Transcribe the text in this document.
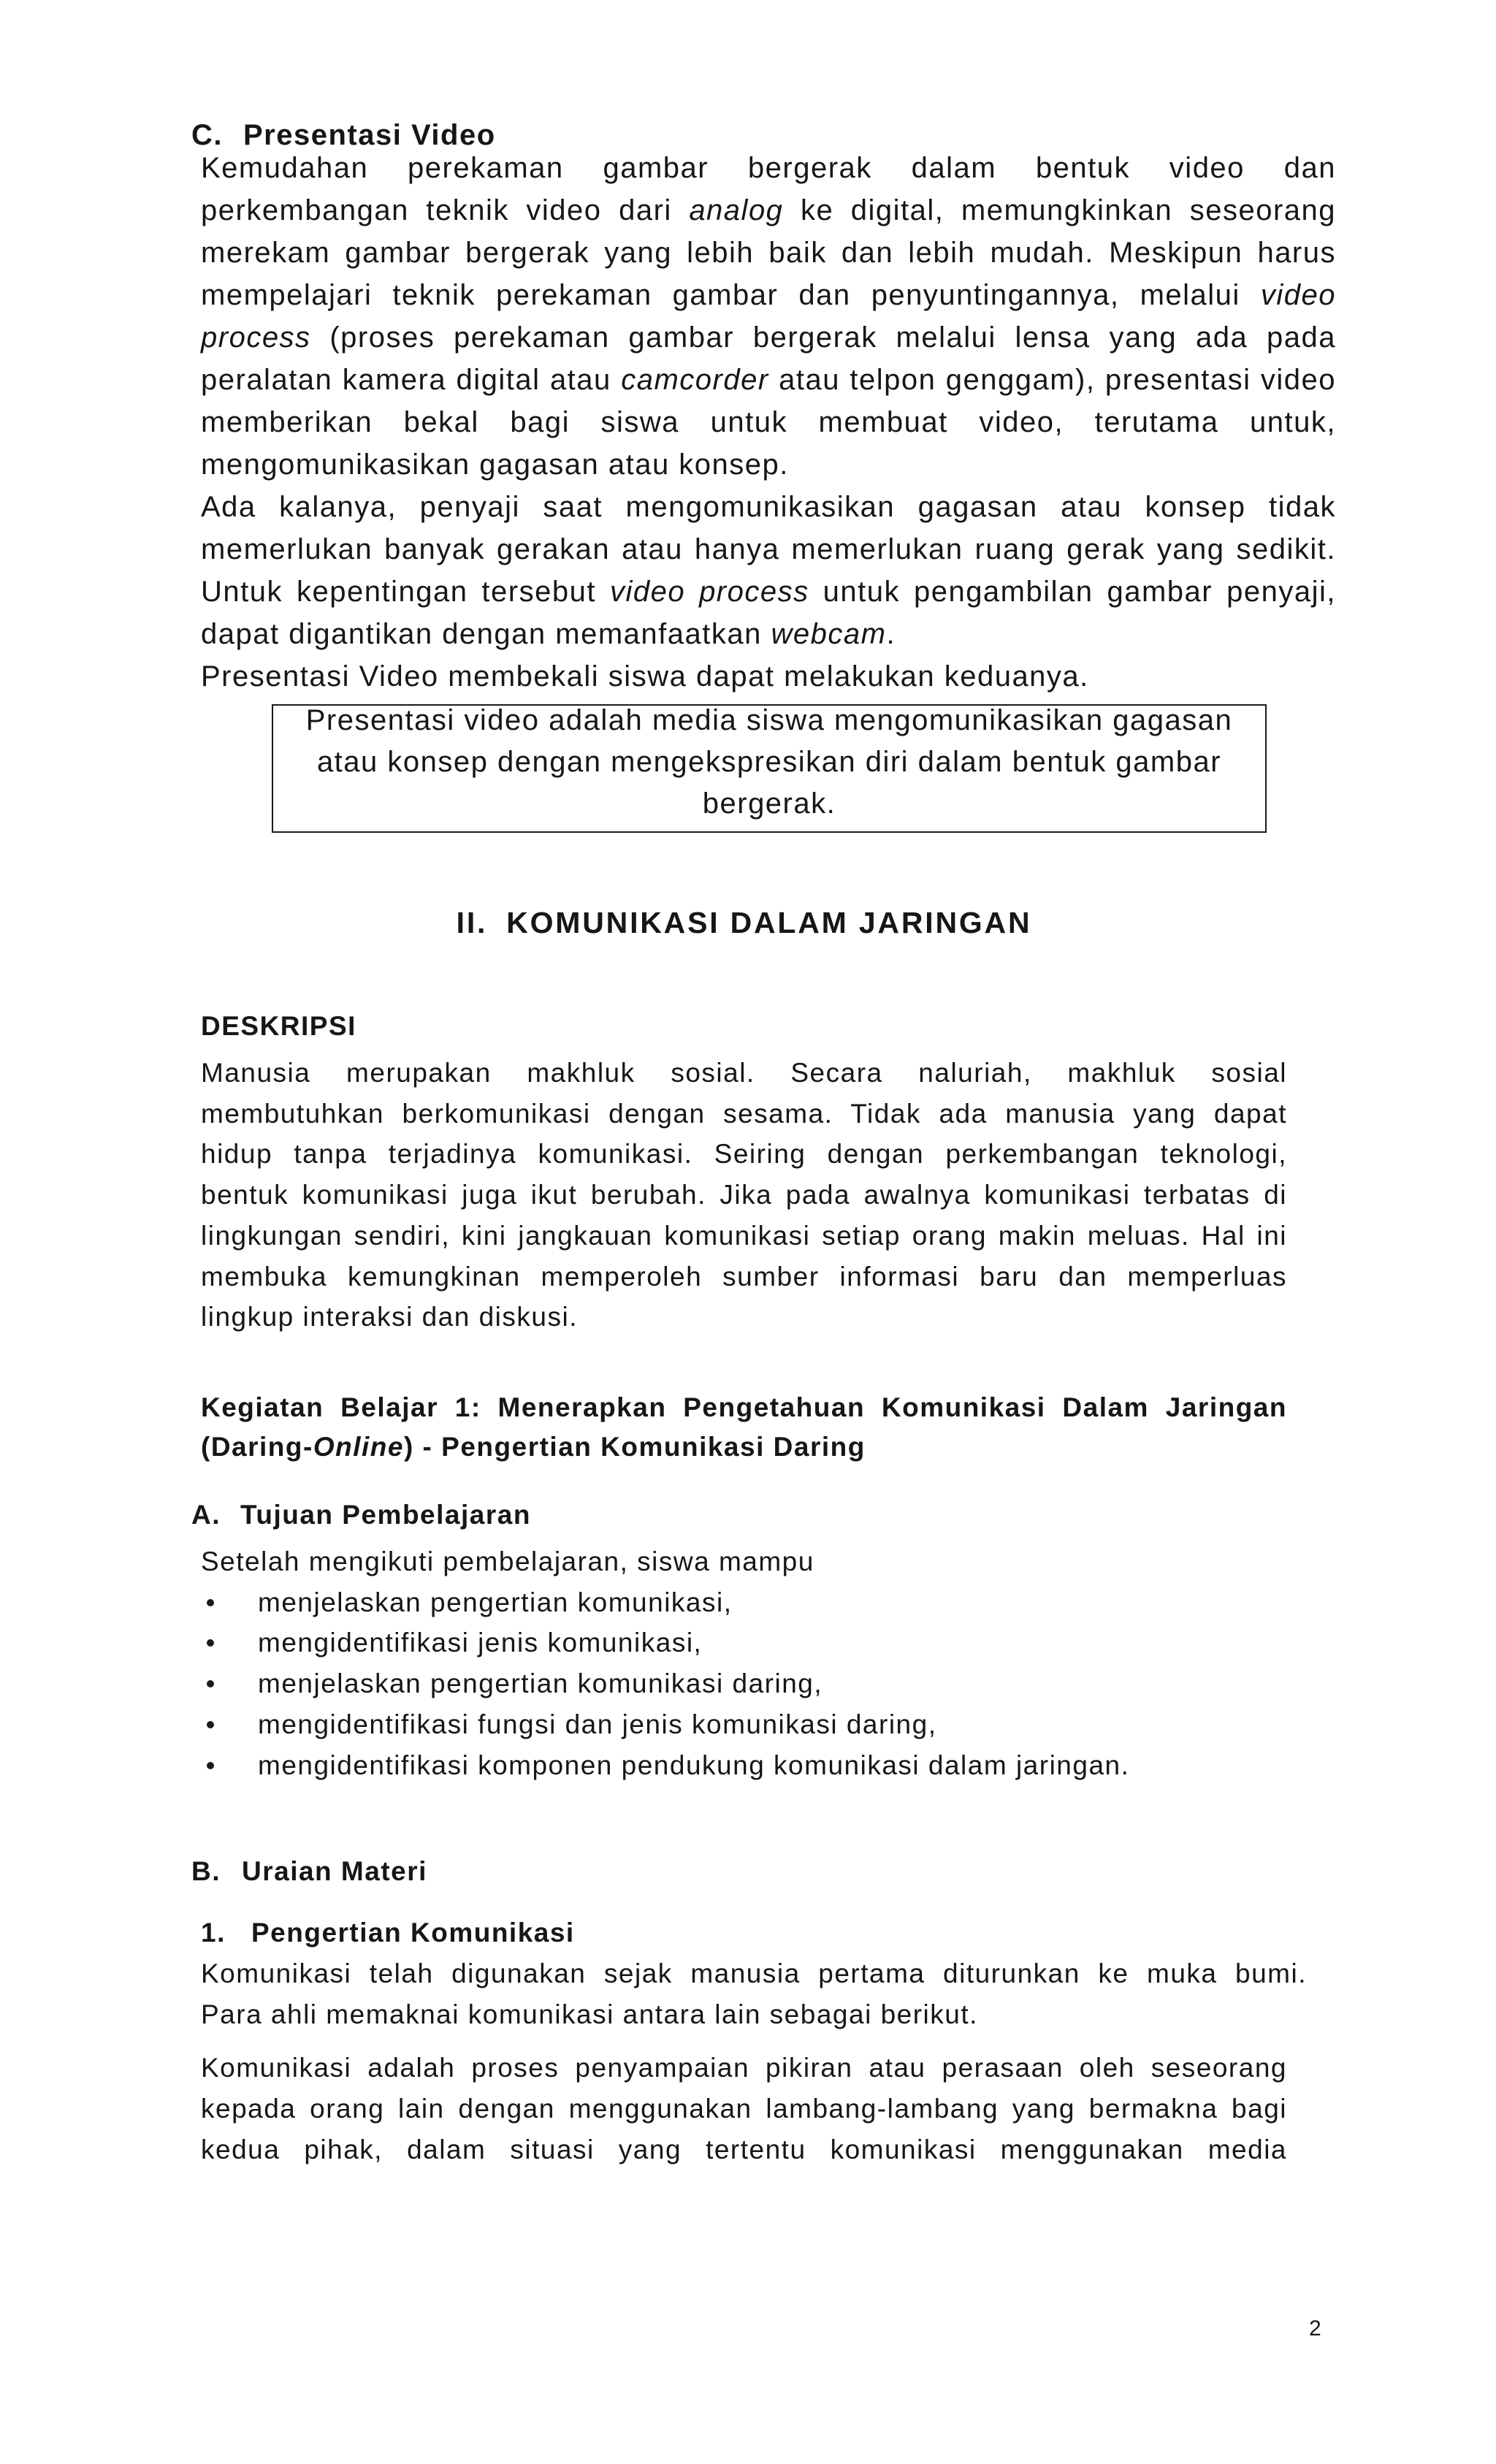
C. Presentasi Video
Kemudahan perekaman gambar bergerak dalam bentuk video dan
perkembangan teknik video dari analog ke digital, memungkinkan seseorang
merekam gambar bergerak yang lebih baik dan lebih mudah. Meskipun harus
mempelajari teknik perekaman gambar dan penyuntingannya, melalui video
process (proses perekaman gambar bergerak melalui lensa yang ada pada
peralatan kamera digital atau camcorder atau telpon genggam), presentasi video
memberikan bekal bagi siswa untuk membuat video, terutama untuk,
mengomunikasikan gagasan atau konsep.
Ada kalanya, penyaji saat mengomunikasikan gagasan atau konsep tidak
memerlukan banyak gerakan atau hanya memerlukan ruang gerak yang sedikit.
Untuk kepentingan tersebut video process untuk pengambilan gambar penyaji,
dapat digantikan dengan memanfaatkan webcam.
Presentasi Video membekali siswa dapat melakukan keduanya.
Presentasi video adalah media siswa mengomunikasikan gagasan
atau konsep dengan mengekspresikan diri dalam bentuk gambar
bergerak.
II. KOMUNIKASI DALAM JARINGAN
DESKRIPSI
Manusia merupakan makhluk sosial. Secara naluriah, makhluk sosial
membutuhkan berkomunikasi dengan sesama. Tidak ada manusia yang dapat
hidup tanpa terjadinya komunikasi. Seiring dengan perkembangan teknologi,
bentuk komunikasi juga ikut berubah. Jika pada awalnya komunikasi terbatas di
lingkungan sendiri, kini jangkauan komunikasi setiap orang makin meluas. Hal ini
membuka kemungkinan memperoleh sumber informasi baru dan memperluas
lingkup interaksi dan diskusi.
Kegiatan Belajar 1: Menerapkan Pengetahuan Komunikasi Dalam Jaringan
(Daring-Online) - Pengertian Komunikasi Daring
A. Tujuan Pembelajaran
Setelah mengikuti pembelajaran, siswa mampu
menjelaskan pengertian komunikasi,
mengidentifikasi jenis komunikasi,
menjelaskan pengertian komunikasi daring,
mengidentifikasi fungsi dan jenis komunikasi daring,
mengidentifikasi komponen pendukung komunikasi dalam jaringan.
B. Uraian Materi
1. Pengertian Komunikasi
Komunikasi telah digunakan sejak manusia pertama diturunkan ke muka bumi.
Para ahli memaknai komunikasi antara lain sebagai berikut.
Komunikasi adalah proses penyampaian pikiran atau perasaan oleh seseorang
kepada orang lain dengan menggunakan lambang-lambang yang bermakna bagi
kedua pihak, dalam situasi yang tertentu komunikasi menggunakan media
2
